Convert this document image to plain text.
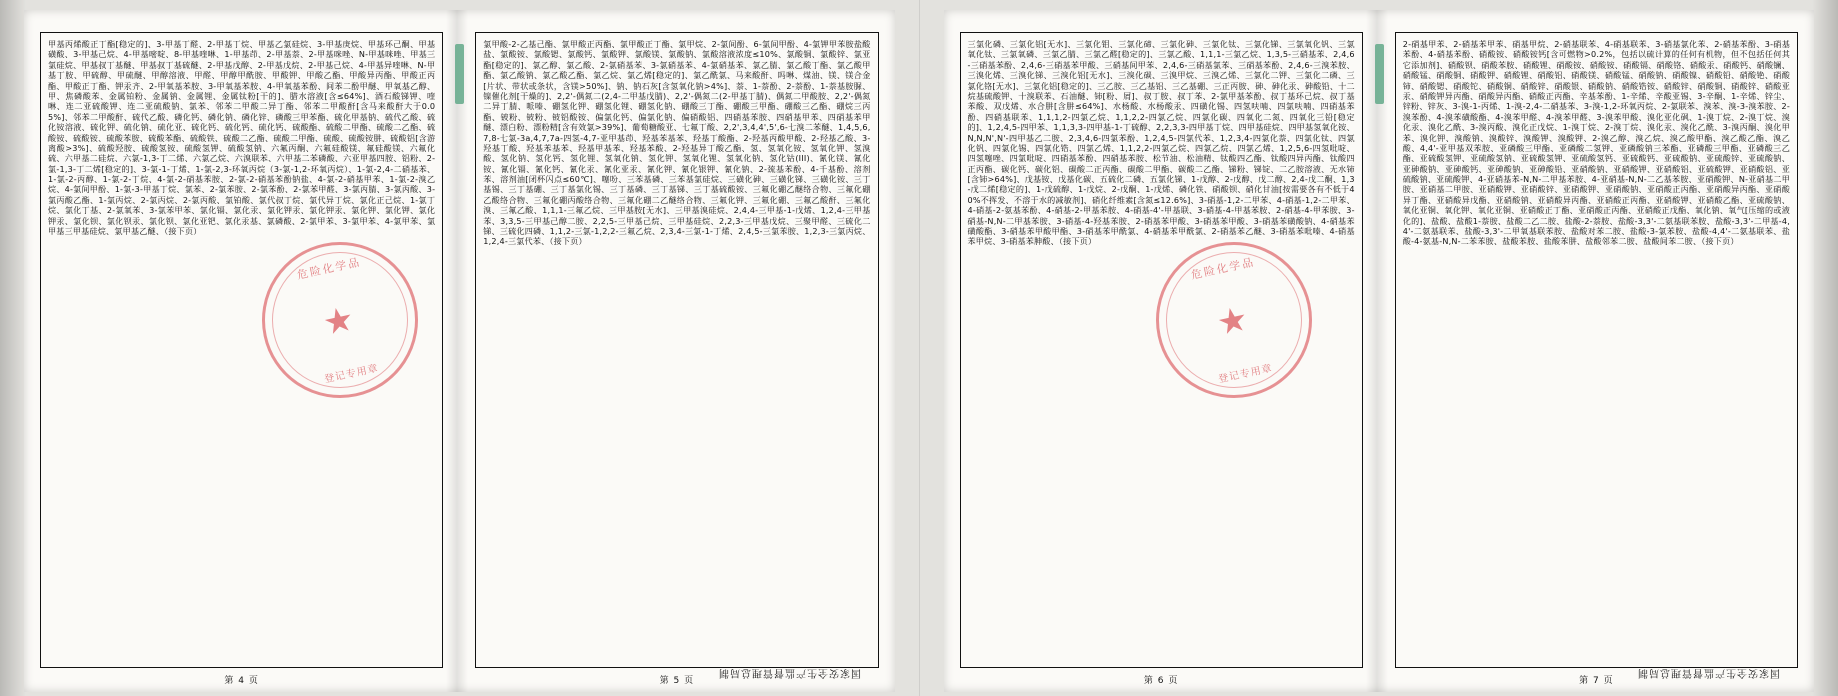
甲基丙烯酸正丁酯[稳定的]、3-甲基丁醛、2-甲基丁烷、甲基乙氯硅烷、3-甲基庚烷、甲基环己酮、甲基磺酸、3-甲基己烷、4-甲基嘧啶、8-甲基喹啉、1-甲基茚、2-甲基萘、2-甲基咪唑、N-甲基咪唑、甲基三氯硅烷、甲基叔丁基醚、甲基叔丁基硫醚、2-甲基戊醇、2-甲基戊烷、2-甲基己烷、4-甲基异喹啉、N-甲基丁胺、甲硫醇、甲硫醚、甲醇溶液、甲醛、甲醇甲酰胺、甲酸钾、甲酸乙酯、甲酸异丙酯、甲酸正丙酯、甲酸正丁酯、钾汞齐、2-甲氧基苯胺、3-甲氧基苯胺、4-甲氧基苯酚、间苯二酚甲醚、甲氧基乙醇、甲、焦磷酸苯、金属铂粉、金属钠、金属锂、金属钛粉[干的]、腊水溶液[含≤64%]、酒石酸锑钾、喹啉、连二亚硫酸钾、连二亚硫酸钠、氯苯、邻苯二甲酸二异丁酯、邻苯二甲酸酐[含马来酸酐大于0.05%]、邻苯二甲酸酐、硫代乙酸、磷化钙、磷化钠、磷化锌、磷酸三甲苯酯、硫化甲基钠、硫代乙酸、硫化铵溶液、硫化钾、硫化钠、硫化亚、硫化钙、硫化钙、硫化钙、硫酸酯、硫酸二甲酯、硫酸二乙酯、硫酸铵、硫酸铵、硫酸苯胺、硫酸苯酯、硫酸铁、硫酸二乙酯、硫酸二甲酯、硫酸、硫酸铵肼、硫酸铝[含游离酸>3%]、硫酸羟胺、硫酸氢铵、硫酸氢钾、硫酸氢钠、六氟丙酮、六氟硅酸镁、氟硅酸镁、六氟化硫、六甲基二硅烷、六氯-1,3-丁二烯、六氯乙烷、六溴联苯、六甲基二苯磷酸、六亚甲基四胺、铝粉、2-氯-1,3-丁二烯[稳定的]、3-氯-1-丁烯、1-氯-2,3-环氧丙烷（3-氯-1,2-环氧丙烷）、1-氯-2,4-二硝基苯、1-氯-2-丙醇、1-氯-2-丁烷、4-氯-2-硝基苯胺、2-氯-2-硝基苯酚钠盐、4-氯-2-硝基甲苯、1-氯-2-溴乙烷、4-氯间甲酚、1-氯-3-甲基丁烷、氯苯、2-氯苯胺、2-氯苯酚、2-氯苯甲醛、3-氯丙腈、3-氯丙酸、3-氯丙酸乙酯、1-氯丙烷、2-氯丙烷、2-氯丙酸、氯铂酸、氯代叔丁烷、氯代异丁烷、氯化正己烷、1-氯丁烷、氯化丁基、2-氯氧苯、3-氯苯甲苯、氯化镉、氯化汞、氯化钾汞、氯化钾汞、氯化钾、氯化钾、氯化钾汞、氯化钡、氯化钡汞、氯化钡、氯化亚钯、氯化汞基、氯磷酸、2-氯甲苯、3-氯甲苯、4-氯甲苯、氯甲基三甲基硅烷、氯甲基乙醚、（接下页）
第 4 页
氯甲酸-2-乙基己酯、氯甲酸正丙酯、氯甲酸正丁酯、氯甲烷、2-氯间酚、6-氯间甲酚、4-氯钾甲苯胺盐酸盐、氯酸铵、氯酸锶、氯酸钙、氯酸钾、氯酸镁、氯酸钠、氯酸溶液浓度≤10%、氯酸铜、氯酸锌、氯亚酯[稳定的]、氯乙醇、氯乙酸、2-氯硝基苯、3-氯硝基苯、4-氯硝基苯、氯乙腈、氯乙酸丁酯、氯乙酸甲酯、氯乙酸钠、氯乙酸乙酯、氯乙烷、氯乙烯[稳定的]、氯乙酰氯、马来酸酐、吗啉、煤油、镁、镁合金[片状、带状或条状，含镁>50%]、钠、钠石灰[含氢氧化钠>4%]、萘、1-萘酚、2-萘酚、1-萘基胺脲、镍催化剂[干燥的]、2,2'-偶氮二(2,4-二甲基戊腈)、2,2'-偶氮二(2-甲基丁腈)、偶氮二甲酸胺、2,2'-偶氮二异丁腈、哌嗪、硼氢化钾、硼氢化锂、硼氢化钠、硼酸三丁酯、硼酸三甲酯、硼酸三乙酯、硼烷三丙酯、铍粉、铍粉、铍铝酸铵、偏氯化钙、偏氯化钠、偏硝酸铝、四硝基苯胺、四硝基甲苯、四硝基苯甲醚、漂白粉、漂粉精[含有效氯>39%]、葡萄糖酸亚、七氟丁酸、2,2',3,4,4',5',6-七溴二苯醚、1,4,5,6,7,8-七氯-3a,4,7,7a-四氢-4,7-亚甲基茚、羟基苯基苯、羟基丁酸酯、2-羟基丙酸甲酸、2-羟基乙酸、3-羟基丁酸、羟基苯基苯、羟基甲基苯、羟基苯酸、2-羟基异丁酸乙酯、氢、氢氧化铵、氢氧化钾、氢溴酸、氢化钠、氢化钙、氢化锂、氢氧化钠、氢化钾、氢氧化锂、氢氧化钠、氢化钴(III)、氰化镁、氰化铵、氰化镉、氰化钙、氰化汞、氰化亚汞、氰化钾、氰化银钾、氰化钠、2-巯基苯酚、4-千基酚、溶剂苯、溶剂油[闭杯闪点≤60℃]、噻吩、三苯基磷、三苯基氯硅烷、三磺化砷、三磺化锑、三磺化铵、三丁基锡、三丁基硼、三丁基氯化锡、三丁基磷、三丁基锑、三丁基硫酸铵、三氟化硼乙醚络合物、三氟化硼乙酸络合物、三氟化硼丙酸络合物、三氟化硼二乙醚络合物、三氟化钾、三氟化硼、三氟乙酸酐、三氟化溴、三氟乙酸、1,1,1-三氟乙烷、三甲基胺[无水]、三甲基溴硅烷、2,4,4-三甲基-1-戊烯、1,2,4-三甲基苯、3,3,5-三甲基己醇二胺、2,2,5-三甲基己烷、三甲基硅烷、2,2,3-三甲基戊烷、三聚甲醛、三硫化二锑、三硫化四磷、1,1,2-三氯-1,2,2-三氟乙烷、2,3,4-三氯-1-丁烯、2,4,5-三氯苯胺、1,2,3-三氯丙烷、1,2,4-三氯代苯、（接下页）
第 5 页
危险化学品
★
登记专用章
国家安全生产监督管理总局制
三氯化磷、三氯化铝[无水]、三氯化钼、三氯化碲、三氯化砷、三氯化钛、三氯化锑、三氯氧化钒、三氯氧化钛、三氯氧磷、三氯乙腈、三氯乙醛[稳定的]、三氯乙酸、1,1,1-三氯乙烷、1,3,5-三硝基苯、2,4,6-三硝基苯酚、2,4,6-三硝基苯甲酸、三硝基间甲苯、2,4,6-三硝基氯苯、三硝基苯酚、2,4,6-三溴苯胺、三溴化烯、三溴化锑、三溴化铝[无水]、三溴化碳、三溴甲烷、三溴乙烯、三氯化二钾、三氯化二磷、三氯化铬[无水]、三氯化铝[稳定的]、三乙胺、三乙基铝、三乙基硼、三正丙胺、砷、砷化汞、砷酸铅、十二烷基硫酸钾、十溴联苯、石油醚、铈[粉、屑]、叔丁胺、叔丁苯、2-氯甲基苯酚、叔丁基环己烷、叔丁基苯酸、双戊烯、水合肼[含肼≤64%]、水杨酸、水杨酸汞、四磺化锡、四氢呋喃、四氯呋喃、四硝基苯酚、四硝基联苯、1,1,1,2-四氯乙烷、1,1,2,2-四氯乙烷、四氯化碳、四氧化二氮、四氧化三铅[稳定的]、1,2,4,5-四甲苯、1,1,3,3-四甲基-1-丁硫醇、2,2,3,3-四甲基丁烷、四甲基硅烷、四甲基氢氧化铵、N,N,N',N'-四甲基乙二胺、2,3,4,6-四氯苯酚、1,2,4,5-四氯代苯、1,2,3,4-四氯化萘、四氯化钛、四氯化钒、四氯化锡、四氯化锆、四氯乙烯、1,1,2,2-四氯乙烷、四氯乙烷、四氯乙烯、1,2,5,6-四氢吡啶、四氢噻唑、四氯吡啶、四硝基苯酚、四硝基苯胺、松节油、松油精、钛酸四乙酯、钛酸四异丙酯、钛酸四正丙酯、碳化钙、碳化铝、碳酸二正丙酯、碳酸二甲酯、碳酸二乙酯、锑粉、锑锭、二乙胺溶液、无水铈[含铈>64%]、戊基铵、戊基化碳、五硫化二磷、五氯化锑、1-戊醇、2-戊醇、戊二醇、2,4-戊二酮、1,3-戊二烯[稳定的]、1-戊硫醇、1-戊烷、2-戊酮、1-戊烯、磷化铁、硝酸钡、硝化甘油[按需要各有不低于40%不挥发、不溶于水的减敏剂]、硝化纤维素[含氮≤12.6%]、3-硝基-1,2-二甲苯、4-硝基-1,2-二甲苯、4-硝基-2-氨基苯酚、4-硝基-2-甲基苯胺、4-硝基-4'-甲基联、3-硝基-4-甲基苯胺、2-硝基-4-甲苯胺、3-硝基-N,N-二甲基苯胺、3-硝基-4-羟基苯胺、2-硝基苯甲酸、3-硝基苯甲酸、3-硝基苯磺酸钠、4-硝基苯磺酸酯、3-硝基苯甲酸甲酯、3-硝基苯甲酰氯、4-硝基苯甲酰氯、2-硝基苯乙醚、3-硝基苯吡嗪、4-硝基苯甲烷、3-硝基苯胂酸、（接下页）
第 6 页
2-硝基甲苯、2-硝基苯甲苯、硝基甲烷、2-硝基联苯、4-硝基联苯、3-硝基氯化苯、2-硝基苯酚、3-硝基苯酚、4-硝基苯酚、硝酸铵、硝酸铵钙[含可燃物>0.2%，包括以硫计算的任何有机物，但不包括任何其它添加剂]、硝酸钡、硝酸苯胺、硝酸锂、硝酸铵、硝酸铵、硝酸镉、硝酸铬、硝酸汞、硝酸钙、硝酸镧、硝酸锰、硝酸铜、硝酸钾、硝酸锂、硝酸铝、硝酸镁、硝酸锰、硝酸钠、硝酸镍、硝酸铅、硝酸铯、硝酸铈、硝酸锶、硝酸铊、硝酸铜、硝酸锌、硝酸银、硝酸钠、硝酸锆铵、硝酸锌、硝酸铜、硝酸锌、硝酸亚汞、硝酸钾异丙酯、硝酸异丙酯、硝酸正丙酯、辛基苯酚、1-辛烯、辛酸亚锡、3-辛酮、1-辛烯、锌尘、锌粉、锌灰、3-溴-1-丙烯、1-溴-2,4-二硝基苯、3-溴-1,2-环氧丙烷、2-氯联苯、溴苯、溴-3-溴苯胺、2-溴苯酚、4-溴苯磺酸酯、4-溴苯甲醛、4-溴苯甲醛、3-溴苯甲酸、溴化亚化砜、1-溴丁烷、2-溴丁烷、溴化汞、溴化乙酰、3-溴丙酸、溴化正戊烷、1-溴丁烷、2-溴丁烷、溴化汞、溴化乙酰、3-溴丙酮、溴化甲苯、溴化钾、溴酸钠、溴酸锌、溴酸钾、溴酸钾、2-溴乙醇、溴乙烷、溴乙酸甲酯、溴乙酸乙酯、溴乙酸、4,4'-亚甲基双苯胺、亚磷酸三甲酯、亚磷酸二氢钾、亚磷酸钠三苯酯、亚磷酸三甲酯、亚磷酸三乙酯、亚硫酸氢钾、亚硫酸氢钠、亚硫酸氢钾、亚硫酸氢钙、亚硫酸钙、亚硫酸钠、亚硫酸锌、亚硫酸钠、亚砷酸钠、亚砷酸钙、亚砷酸钠、亚砷酸铅、亚硝酸钠、亚硝酸钾、亚硝酸铝、亚硫酸钾、亚硝酸铝、亚硫酸钠、亚硫酸钾、4-亚硝基苯-N,N-二甲基苯胺、4-亚硝基-N,N-二乙基苯胺、亚硝酸钾、N-亚硝基二甲胺、亚硝基二甲胺、亚硝酸钾、亚硝酸锌、亚硝酸钾、亚硝酸钠、亚硝酸正丙酯、亚硝酸异丙酯、亚硝酸异丁酯、亚硝酸异戊酯、亚硝酸钠、亚硝酸异丙酯、亚硝酸正丙酯、亚硝酸钾、亚硝酸乙酯、亚硫酸钠、氧化亚铜、氧化钾、氧化亚铜、亚硝酸正丁酯、亚硝酸正丙酯、亚硝酸正戊酯、氧化钠、氧气[压缩的或液化的]、盐酸、盐酸1-萘胺、盐酸二乙二胺、盐酸-2-萘胺、盐酸-3,3'-二氨基联苯胺、盐酸-3,3'-二甲基-4,4'-二氨基联苯、盐酸-3,3'-二甲氧基联苯胺、盐酸对苯二胺、盐酸-3-氯苯胺、盐酸-4,4'-二氨基联苯、盐酸-4-氨基-N,N-二苯苯胺、盐酸苯胺、盐酸苯肼、盐酸邻苯二胺、盐酸间苯二胺、（接下页）
第 7 页
危险化学品
★
登记专用章
国家安全生产监督管理总局制
